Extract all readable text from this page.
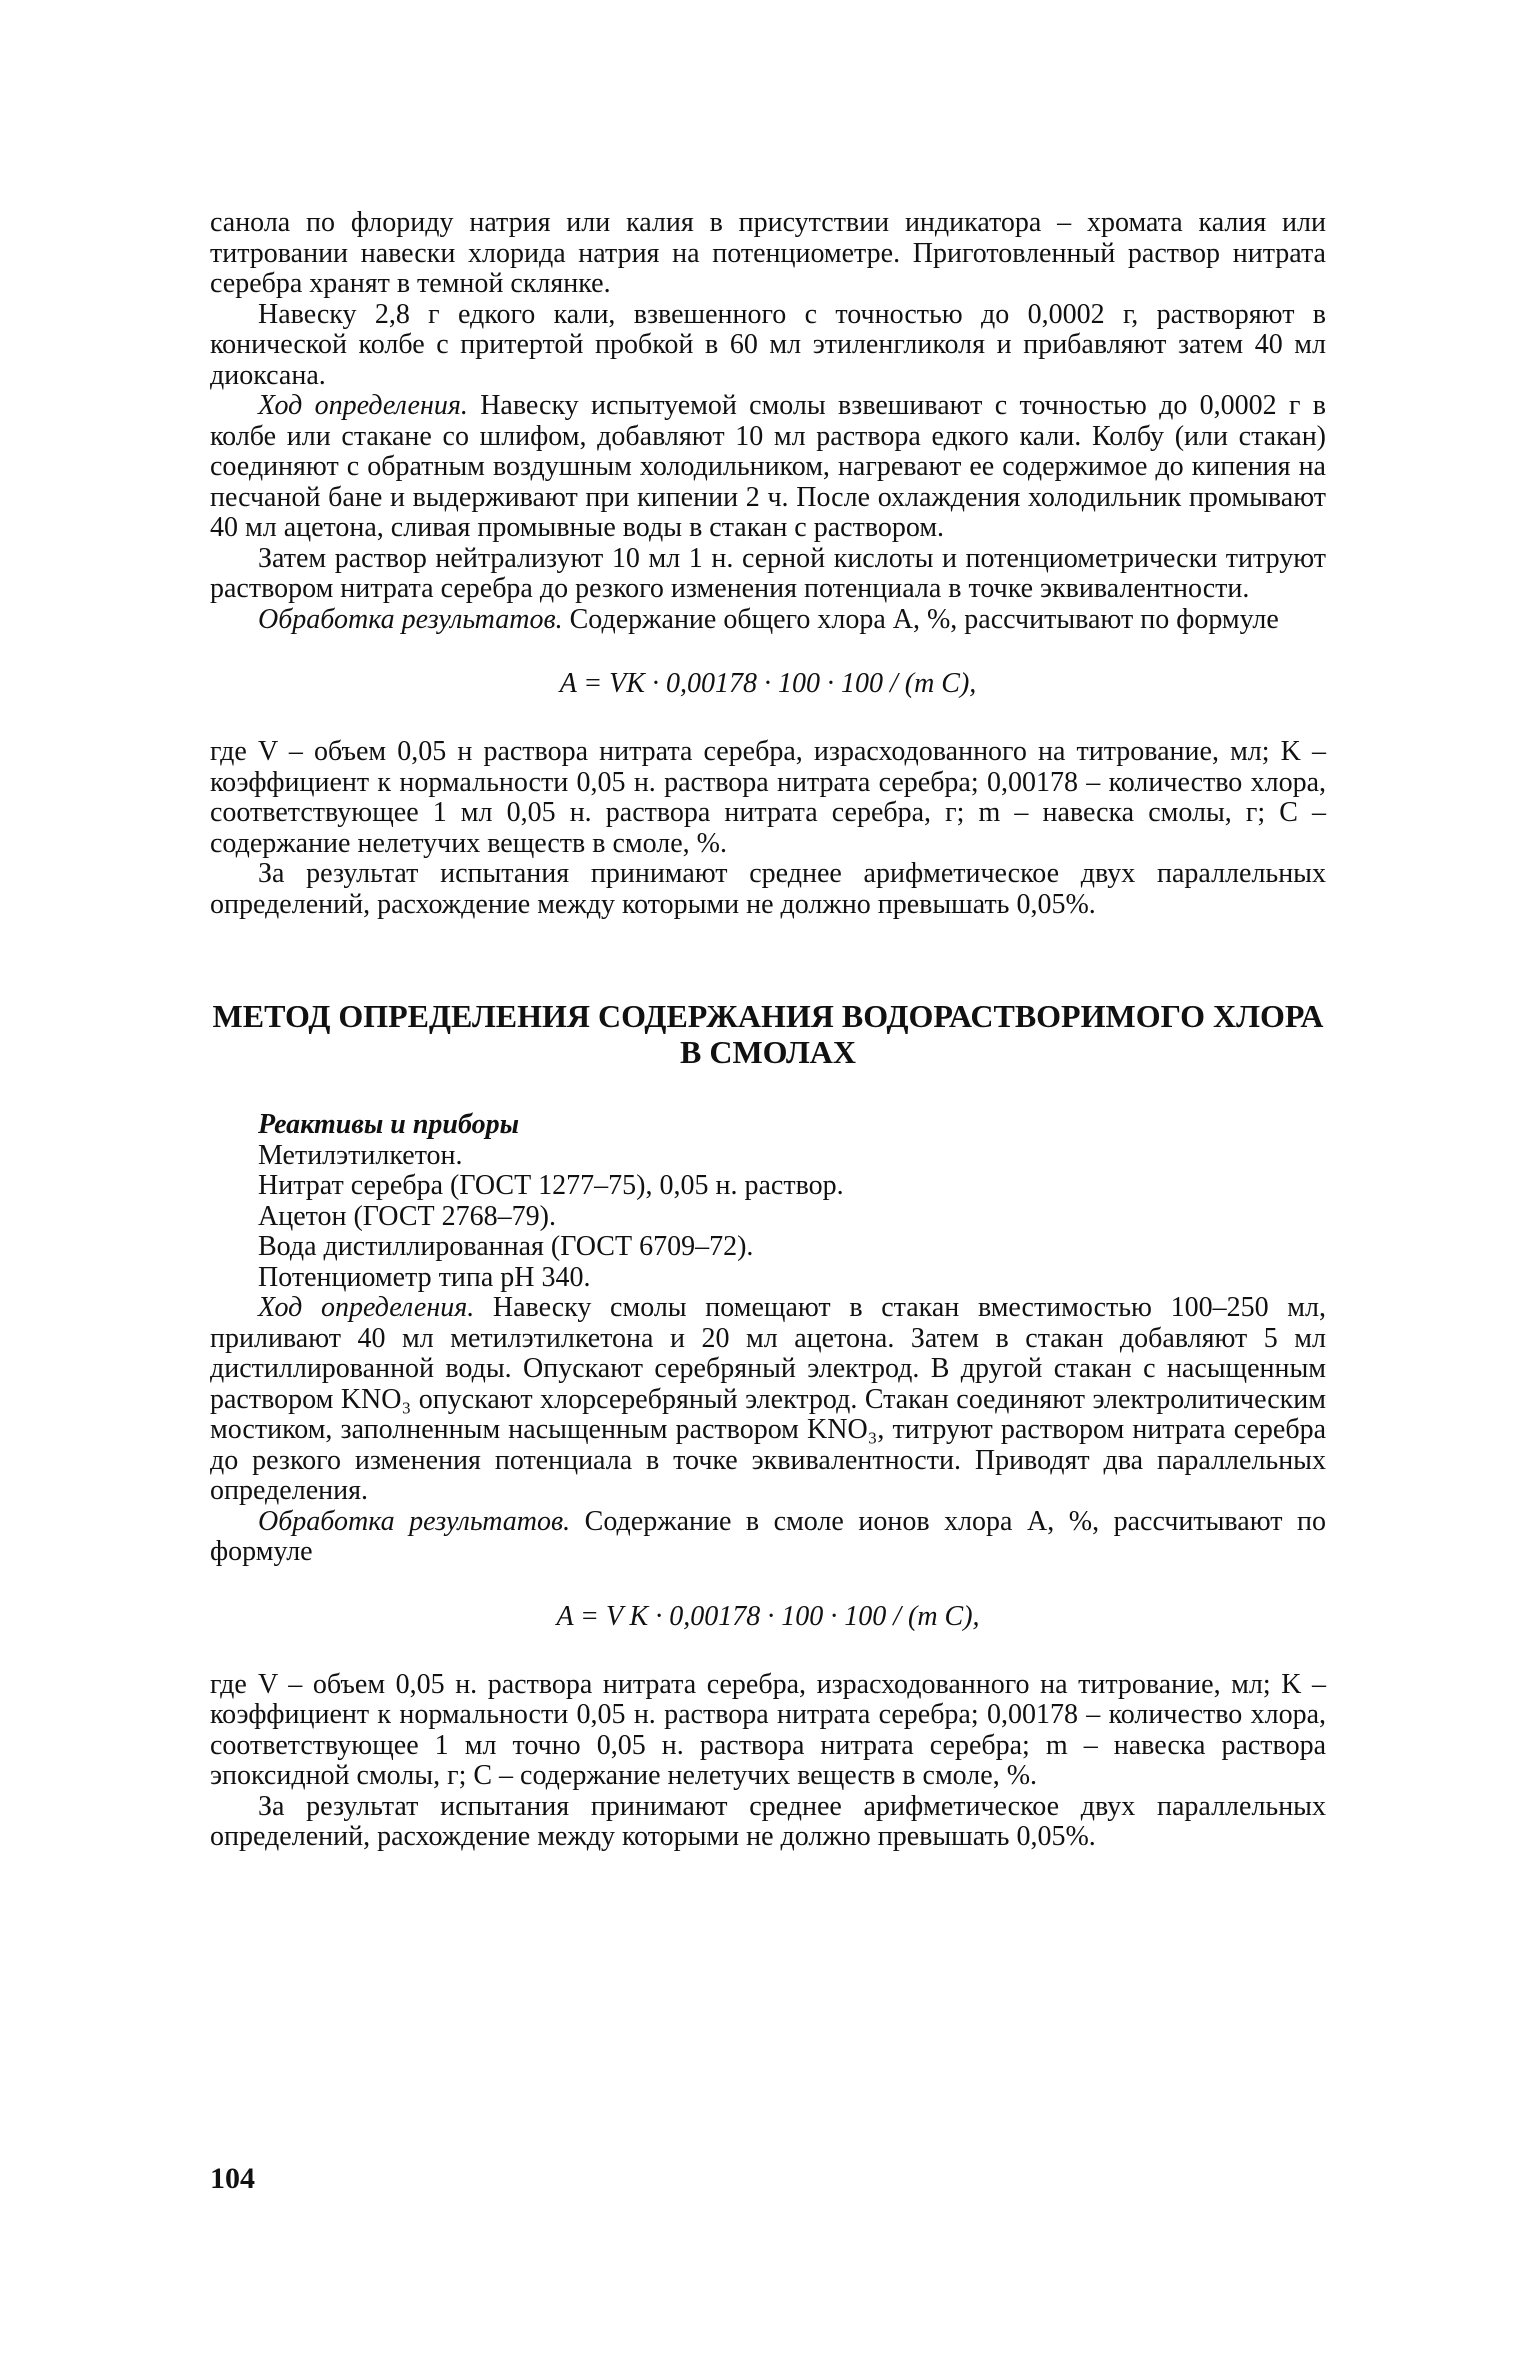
санола по флориду натрия или калия в присутствии индикатора – хромата калия или титровании навески хлорида натрия на потенциометре. Приготовленный раствор нитрата серебра хранят в темной склянке.

Навеску 2,8 г едкого кали, взвешенного с точностью до 0,0002 г, растворяют в конической колбе с притертой пробкой в 60 мл этиленгликоля и прибавляют затем 40 мл диоксана.

Ход определения. Навеску испытуемой смолы взвешивают с точностью до 0,0002 г в колбе или стакане со шлифом, добавляют 10 мл раствора едкого кали. Колбу (или стакан) соединяют с обратным воздушным холодильником, нагревают ее содержимое до кипения на песчаной бане и выдерживают при кипении 2 ч. После охлаждения холодильник промывают 40 мл ацетона, сливая промывные воды в стакан с раствором.

Затем раствор нейтрализуют 10 мл 1 н. серной кислоты и потенциометрически титруют раствором нитрата серебра до резкого изменения потенциала в точке эквивалентности.

Обработка результатов. Содержание общего хлора A, %, рассчитывают по формуле

A = VK · 0,00178 · 100 · 100 / (m C),

где V – объем 0,05 н раствора нитрата серебра, израсходованного на титрование, мл; K – коэффициент к нормальности 0,05 н. раствора нитрата серебра; 0,00178 – количество хлора, соответствующее 1 мл 0,05 н. раствора нитрата серебра, г; m – навеска смолы, г; C – содержание нелетучих веществ в смоле, %.

За результат испытания принимают среднее арифметическое двух параллельных определений, расхождение между которыми не должно превышать 0,05%.

МЕТОД ОПРЕДЕЛЕНИЯ СОДЕРЖАНИЯ ВОДОРАСТВОРИМОГО ХЛОРА

В СМОЛАХ

Реактивы и приборы
Метилэтилкетон.
Нитрат серебра (ГОСТ 1277–75), 0,05 н. раствор.
Ацетон (ГОСТ 2768–79).
Вода дистиллированная (ГОСТ 6709–72).
Потенциометр типа pH 340.

Ход определения. Навеску смолы помещают в стакан вместимостью 100–250 мл, приливают 40 мл метилэтилкетона и 20 мл ацетона. Затем в стакан добавляют 5 мл дистиллированной воды. Опускают серебряный электрод. В другой стакан с насыщенным раствором KNO₃ опускают хлорсеребряный электрод. Стакан соединяют электролитическим мостиком, заполненным насыщенным раствором KNO₃, титруют раствором нитрата серебра до резкого изменения потенциала в точке эквивалентности. Приводят два параллельных определения.

Обработка результатов. Содержание в смоле ионов хлора A, %, рассчитывают по формуле

A = V K · 0,00178 · 100 · 100 / (m C),

где V – объем 0,05 н. раствора нитрата серебра, израсходованного на титрование, мл; K – коэффициент к нормальности 0,05 н. раствора нитрата серебра; 0,00178 – количество хлора, соответствующее 1 мл точно 0,05 н. раствора нитрата серебра; m – навеска раствора эпоксидной смолы, г; C – содержание нелетучих веществ в смоле, %.

За результат испытания принимают среднее арифметическое двух параллельных определений, расхождение между которыми не должно превышать 0,05%.

104
